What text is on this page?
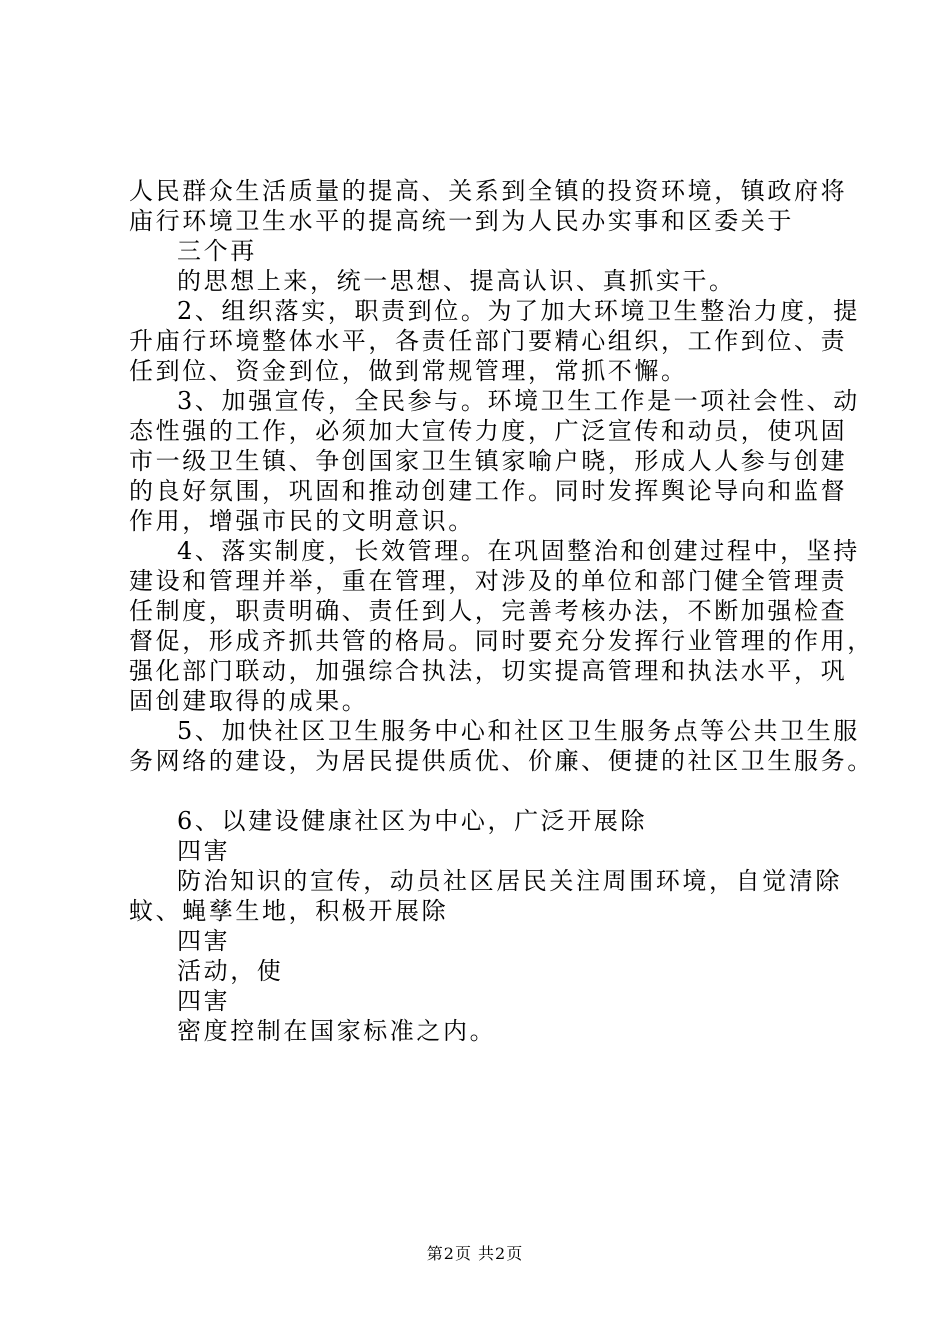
人民群众生活质量的提高、关系到全镇的投资环境，镇政府将
庙行环境卫生水平的提高统一到为人民办实事和区委关于
三个再
的思想上来，统一思想、提高认识、真抓实干。
2、组织落实，职责到位。为了加大环境卫生整治力度，提
升庙行环境整体水平，各责任部门要精心组织，工作到位、责
任到位、资金到位，做到常规管理，常抓不懈。
3、加强宣传，全民参与。环境卫生工作是一项社会性、动
态性强的工作，必须加大宣传力度，广泛宣传和动员，使巩固
市一级卫生镇、争创国家卫生镇家喻户晓，形成人人参与创建
的良好氛围，巩固和推动创建工作。同时发挥舆论导向和监督
作用，增强市民的文明意识。
4、落实制度，长效管理。在巩固整治和创建过程中，坚持
建设和管理并举，重在管理，对涉及的单位和部门健全管理责
任制度，职责明确、责任到人，完善考核办法，不断加强检查
督促，形成齐抓共管的格局。同时要充分发挥行业管理的作用，
强化部门联动，加强综合执法，切实提高管理和执法水平，巩
固创建取得的成果。
5、加快社区卫生服务中心和社区卫生服务点等公共卫生服
务网络的建设，为居民提供质优、价廉、便捷的社区卫生服务。
6、以建设健康社区为中心，广泛开展除
四害
防治知识的宣传，动员社区居民关注周围环境，自觉清除
蚊、蝇孳生地，积极开展除
四害
活动，使
四害
密度控制在国家标准之内。
第2页 共2页
